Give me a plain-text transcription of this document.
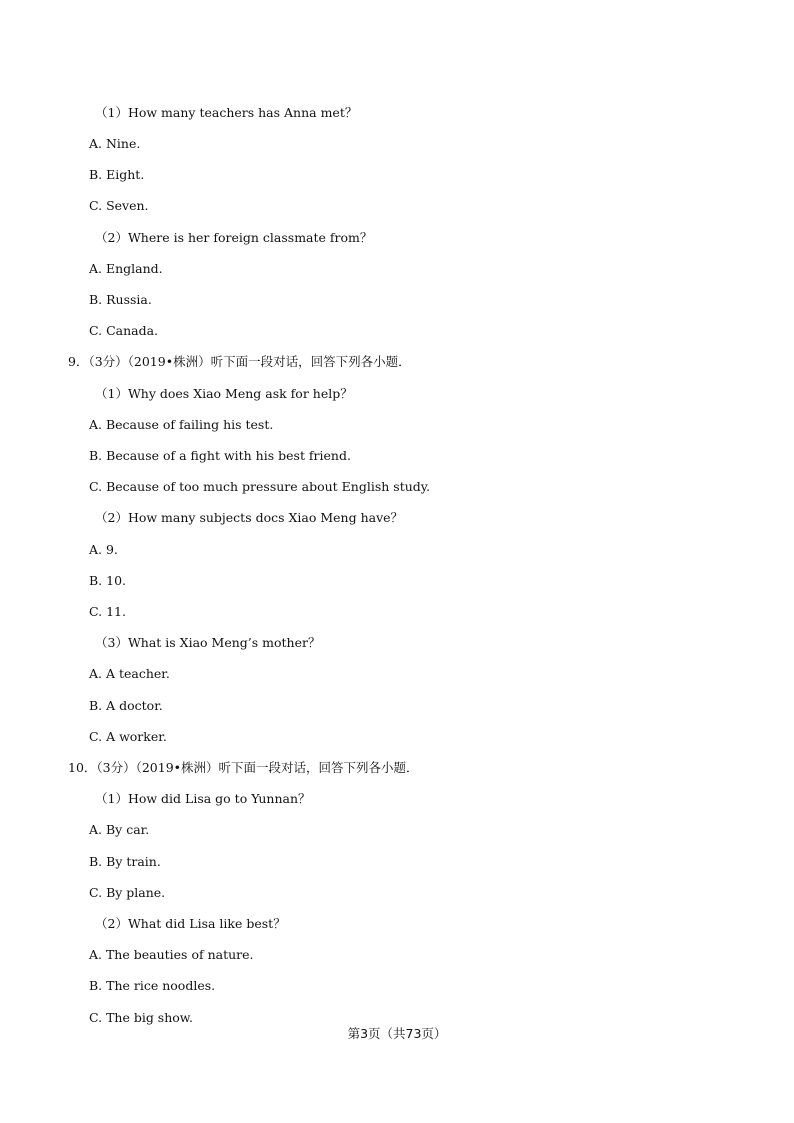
（1）How many teachers has Anna met？
A. Nine.
B. Eight.
C. Seven.
（2）Where is her foreign classmate from？
A. England.
B. Russia.
C. Canada.
9．（3分）（2019•株洲）听下面一段对话，回答下列各小题．
（1）Why does Xiao Meng ask for help？
A. Because of failing his test.
B. Because of a fight with his best friend.
C. Because of too much pressure about English study.
（2）How many subjects docs Xiao Meng have？
A. 9.
B. 10.
C. 11.
（3）What is Xiao Meng’s mother？
A. A teacher.
B. A doctor.
C. A worker.
10．（3分）（2019•株洲）听下面一段对话，回答下列各小题．
（1）How did Lisa go to Yunnan？
A. By car.
B. By train.
C. By plane.
（2）What did Lisa like best？
A. The beauties of nature.
B. The rice noodles.
C. The big show.
第3页（共73页）
